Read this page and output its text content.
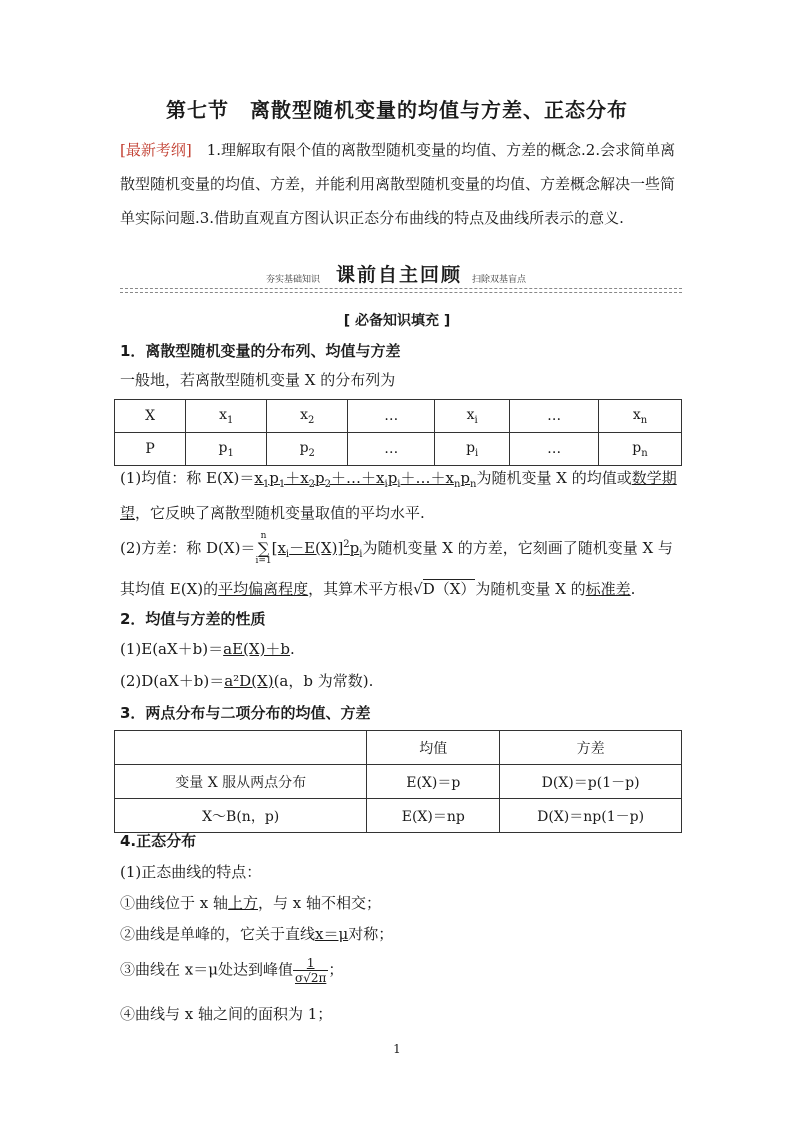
第七节　离散型随机变量的均值与方差、正态分布
[最新考纲]　1.理解取有限个值的离散型随机变量的均值、方差的概念.2.会求简单离散型随机变量的均值、方差，并能利用离散型随机变量的均值、方差概念解决一些简单实际问题.3.借助直观直方图认识正态分布曲线的特点及曲线所表示的意义.
夯实基础知识 课前自主回顾 扫除双基盲点
[ 必备知识填充 ]
1．离散型随机变量的分布列、均值与方差
一般地，若离散型随机变量 X 的分布列为
X	$x_1$	$x_2$	…	$x_i$	…	$x_n$
P	$p_1$	$p_2$	…	$p_i$	…	$p_n$
(1)均值：称 $E(X)=x_1p_1+x_2p_2+\dots+x_ip_i+\dots+x_np_n$为随机变量 X 的均值或数学期望，它反映了离散型随机变量取值的平均水平.
(2)方差：称 D(X)＝n
∑
$i=1[x_i-E(X)]^2p_i$为随机变量 X 的方差，它刻画了随机变量 X 与其均值 E(X)的平均偏离程度，其算术平方根√D（X）为随机变量 X 的标准差.
2．均值与方差的性质
(1)E(aX＋b)＝aE(X)＋b.
(2)D(aX＋b)＝a²D(X)(a，b 为常数).
3．两点分布与二项分布的均值、方差
	均值	方差
变量 X 服从两点分布	E(X)＝p	D(X)＝p(1－p)
X～B(n，p)	E(X)＝np	D(X)＝np(1－p)
4.正态分布
(1)正态曲线的特点：
①曲线位于 x 轴上方，与 x 轴不相交；
②曲线是单峰的，它关于直线x＝μ对称；
③曲线在 x＝μ处达到峰值 $\frac{1}{\sigma√2\pi}$ ；
④曲线与 x 轴之间的面积为 1；
1
